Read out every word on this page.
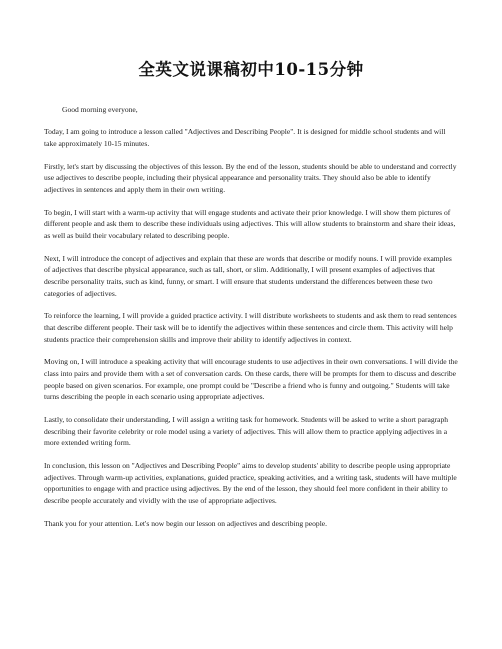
全英文说课稿初中10-15分钟

Good morning everyone,

Today, I am going to introduce a lesson called "Adjectives and Describing People". It is designed for middle school students and will take approximately 10-15 minutes.

Firstly, let's start by discussing the objectives of this lesson. By the end of the lesson, students should be able to understand and correctly use adjectives to describe people, including their physical appearance and personality traits. They should also be able to identify adjectives in sentences and apply them in their own writing.

To begin, I will start with a warm-up activity that will engage students and activate their prior knowledge. I will show them pictures of different people and ask them to describe these individuals using adjectives. This will allow students to brainstorm and share their ideas, as well as build their vocabulary related to describing people.

Next, I will introduce the concept of adjectives and explain that these are words that describe or modify nouns. I will provide examples of adjectives that describe physical appearance, such as tall, short, or slim. Additionally, I will present examples of adjectives that describe personality traits, such as kind, funny, or smart. I will ensure that students understand the differences between these two categories of adjectives.

To reinforce the learning, I will provide a guided practice activity. I will distribute worksheets to students and ask them to read sentences that describe different people. Their task will be to identify the adjectives within these sentences and circle them. This activity will help students practice their comprehension skills and improve their ability to identify adjectives in context.

Moving on, I will introduce a speaking activity that will encourage students to use adjectives in their own conversations. I will divide the class into pairs and provide them with a set of conversation cards. On these cards, there will be prompts for them to discuss and describe people based on given scenarios. For example, one prompt could be "Describe a friend who is funny and outgoing." Students will take turns describing the people in each scenario using appropriate adjectives.

Lastly, to consolidate their understanding, I will assign a writing task for homework. Students will be asked to write a short paragraph describing their favorite celebrity or role model using a variety of adjectives. This will allow them to practice applying adjectives in a more extended writing form.

In conclusion, this lesson on "Adjectives and Describing People" aims to develop students' ability to describe people using appropriate adjectives. Through warm-up activities, explanations, guided practice, speaking activities, and a writing task, students will have multiple opportunities to engage with and practice using adjectives. By the end of the lesson, they should feel more confident in their ability to describe people accurately and vividly with the use of appropriate adjectives.

Thank you for your attention. Let's now begin our lesson on adjectives and describing people.
